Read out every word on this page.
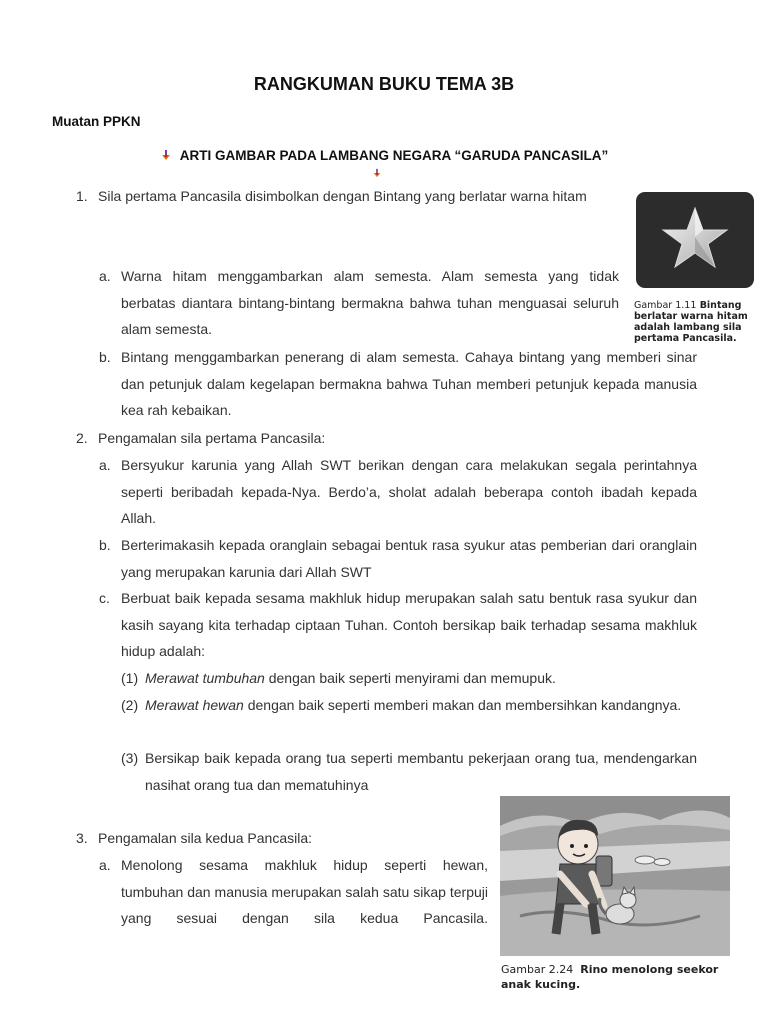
RANGKUMAN BUKU TEMA 3B
Muatan PPKN
ARTI GAMBAR PADA LAMBANG NEGARA “GARUDA PANCASILA”
1. Sila pertama Pancasila disimbolkan dengan Bintang yang berlatar warna hitam
a. Warna hitam menggambarkan alam semesta. Alam semesta yang tidak berbatas diantara bintang-bintang bermakna bahwa tuhan menguasai seluruh alam semesta.
b. Bintang menggambarkan penerang di alam semesta. Cahaya bintang yang memberi sinar dan petunjuk dalam kegelapan bermakna bahwa Tuhan memberi petunjuk kepada manusia kea rah kebaikan.
Gambar 1.11 Bintang berlatar warna hitam adalah lambang sila pertama Pancasila.
2. Pengamalan sila pertama Pancasila:
a. Bersyukur karunia yang Allah SWT berikan dengan cara melakukan segala perintahnya seperti beribadah kepada-Nya. Berdo’a, sholat adalah beberapa contoh ibadah kepada Allah.
b. Berterimakasih kepada oranglain sebagai bentuk rasa syukur atas pemberian dari oranglain yang merupakan karunia dari Allah SWT
c. Berbuat baik kepada sesama makhluk hidup merupakan salah satu bentuk rasa syukur dan kasih sayang kita terhadap ciptaan Tuhan. Contoh bersikap baik terhadap sesama makhluk hidup adalah:
(1) Merawat tumbuhan dengan baik seperti menyirami dan memupuk.
(2) Merawat hewan dengan baik seperti memberi makan dan membersihkan kandangnya.
(3) Bersikap baik kepada orang tua seperti membantu pekerjaan orang tua, mendengarkan nasihat orang tua dan mematuhinya
3. Pengamalan sila kedua Pancasila:
a. Menolong sesama makhluk hidup seperti hewan, tumbuhan dan manusia merupakan salah satu sikap terpuji yang sesuai dengan sila kedua Pancasila.
Gambar 2.24 Rino menolong seekor anak kucing.
